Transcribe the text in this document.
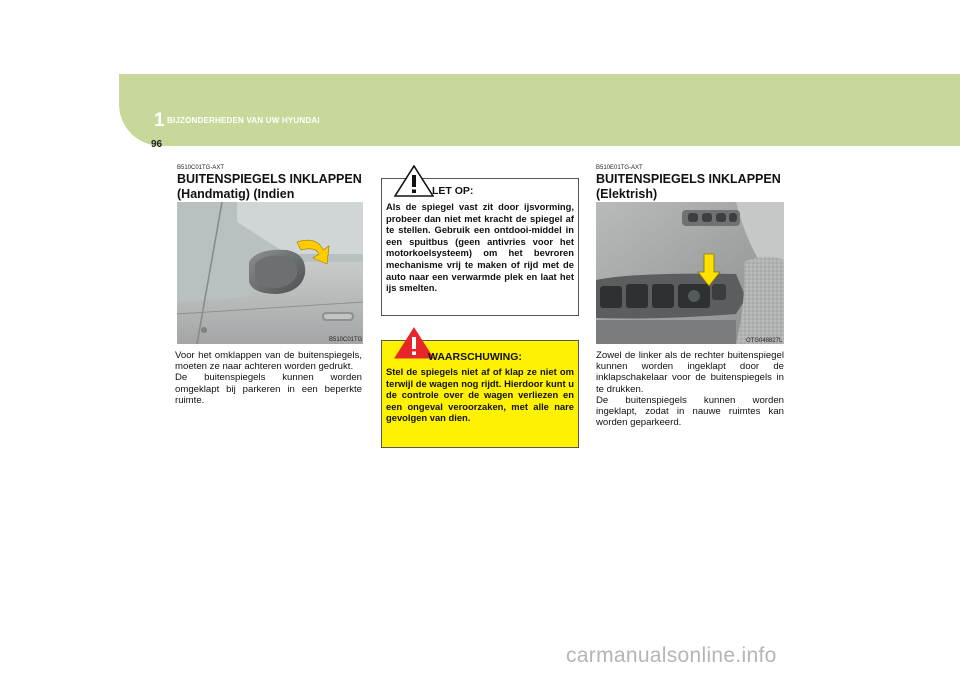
1 BIJZONDERHEDEN VAN UW HYUNDAI
96
B510C01TG-AXT
BUITENSPIEGELS INKLAPPEN
(Handmatig) (Indien
B510C01TG

Voor het omklappen van de buitenspiegels, moeten ze naar achteren worden gedrukt.

De buitenspiegels kunnen worden omgeklapt bij parkeren in een beperkte ruimte.

LET OP:
Als de spiegel vast zit door ijsvorming, probeer dan niet met kracht de spiegel af te stellen. Gebruik een ontdooi-middel in een spuitbus (geen antivries voor het motorkoelsysteem) om het bevroren mechanisme vrij te maken of rijd met de auto naar een verwarmde plek en laat het ijs smelten.
WAARSCHUWING:
Stel de spiegels niet af of klap ze niet om terwijl de wagen nog rijdt. Hierdoor kunt u de controle over de wagen verliezen en een ongeval veroorzaken, met alle nare gevolgen van dien.
B510E01TG-AXT
BUITENSPIEGELS INKLAPPEN
(Elektrish)
OTG048827L

Zowel de linker als de rechter buitenspiegel kunnen worden ingeklapt door de inklapschakelaar voor de buitenspiegels in te drukken.

De buitenspiegels kunnen worden ingeklapt, zodat in nauwe ruimtes kan worden geparkeerd.

carmanualsonline.info
